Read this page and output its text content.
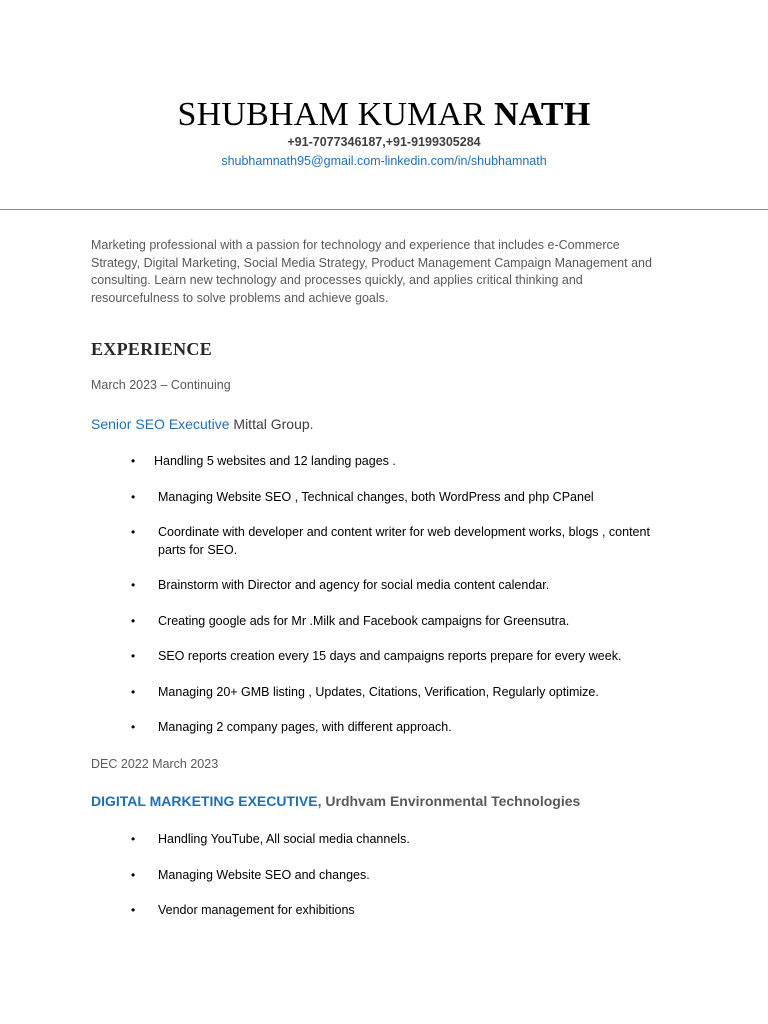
SHUBHAM KUMAR NATH
+91-7077346187,+91-9199305284
shubhamnath95@gmail.com-linkedin.com/in/shubhamnath

Marketing professional with a passion for technology and experience that includes e-Commerce Strategy, Digital Marketing, Social Media Strategy, Product Management Campaign Management and consulting. Learn new technology and processes quickly, and applies critical thinking and resourcefulness to solve problems and achieve goals.

EXPERIENCE
March 2023 – Continuing
Senior SEO Executive Mittal Group.
• Handling 5 websites and 12 landing pages .
• Managing Website SEO , Technical changes, both WordPress and php CPanel
• Coordinate with developer and content writer for web development works, blogs , content parts for SEO.
• Brainstorm with Director and agency for social media content calendar.
• Creating google ads for Mr .Milk and Facebook campaigns for Greensutra.
• SEO reports creation every 15 days and campaigns reports prepare for every week.
• Managing 20+ GMB listing , Updates, Citations, Verification, Regularly optimize.
• Managing 2 company pages, with different approach.
DEC 2022 March 2023
DIGITAL MARKETING EXECUTIVE, Urdhvam Environmental Technologies
• Handling YouTube, All social media channels.
• Managing Website SEO and changes.
• Vendor management for exhibitions
